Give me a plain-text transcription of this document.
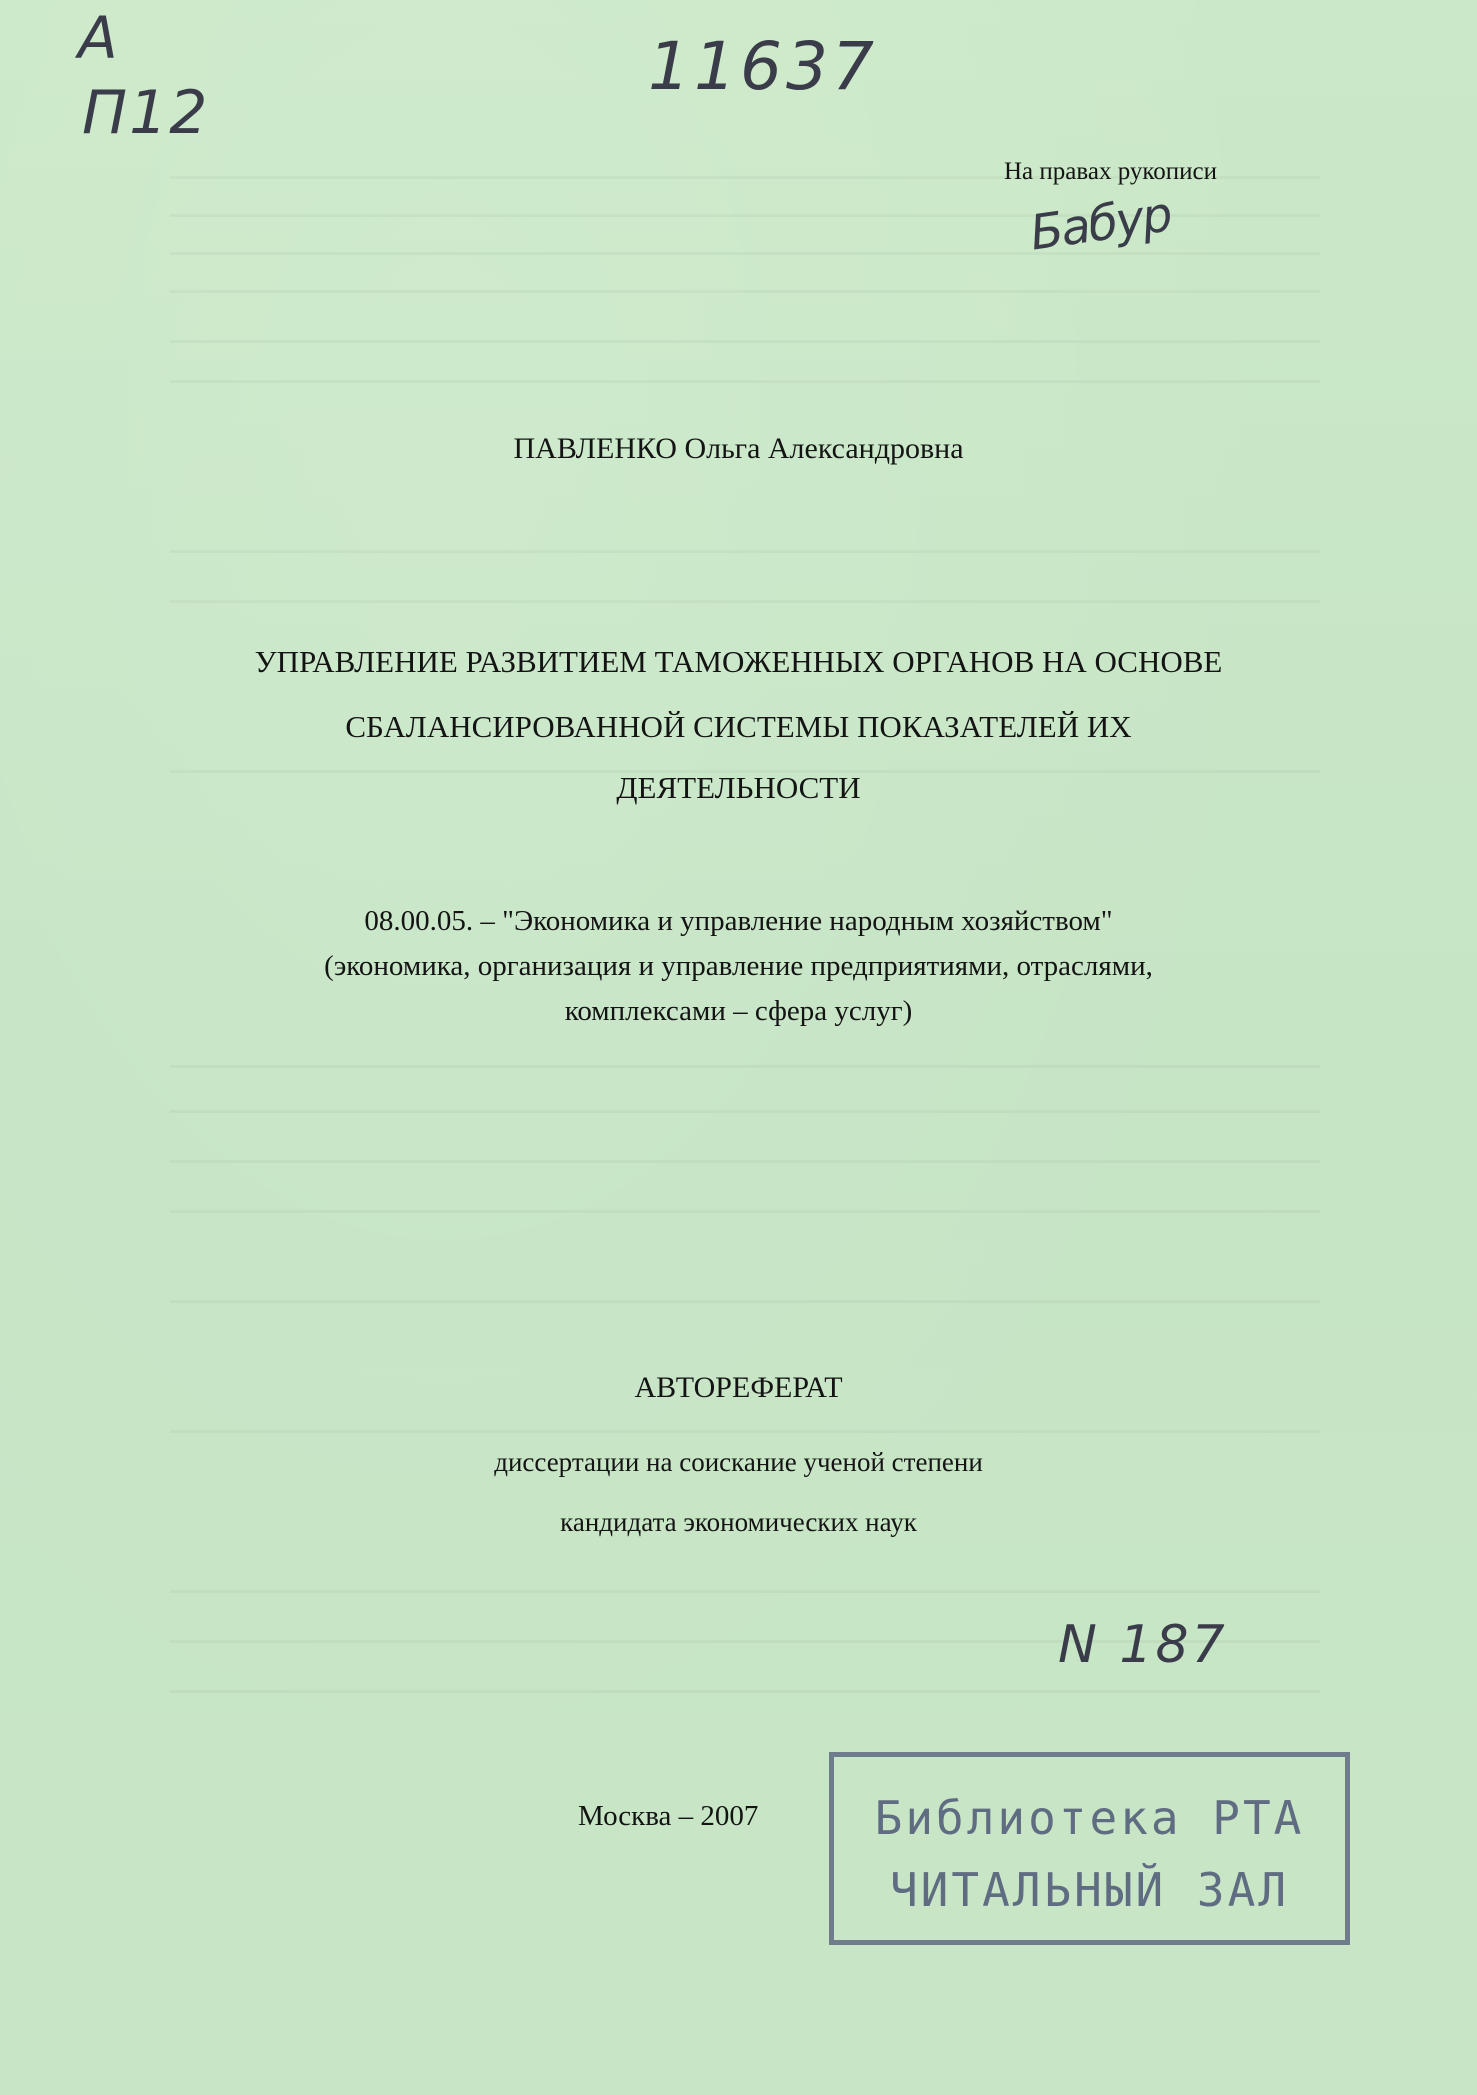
А
П12
11637
Бабур
N 187
На правах рукописи
ПАВЛЕНКО Ольга Александровна
УПРАВЛЕНИЕ РАЗВИТИЕМ ТАМОЖЕННЫХ ОРГАНОВ НА ОСНОВЕ
СБАЛАНСИРОВАННОЙ СИСТЕМЫ ПОКАЗАТЕЛЕЙ ИХ
ДЕЯТЕЛЬНОСТИ
08.00.05. – "Экономика и управление народным хозяйством"
(экономика, организация и управление предприятиями, отраслями,
комплексами – сфера услуг)
АВТОРЕФЕРАТ
диссертации на соискание ученой степени
кандидата экономических наук
Москва – 2007	Библиотека РТА
ЧИТАЛЬНЫЙ ЗАЛ
